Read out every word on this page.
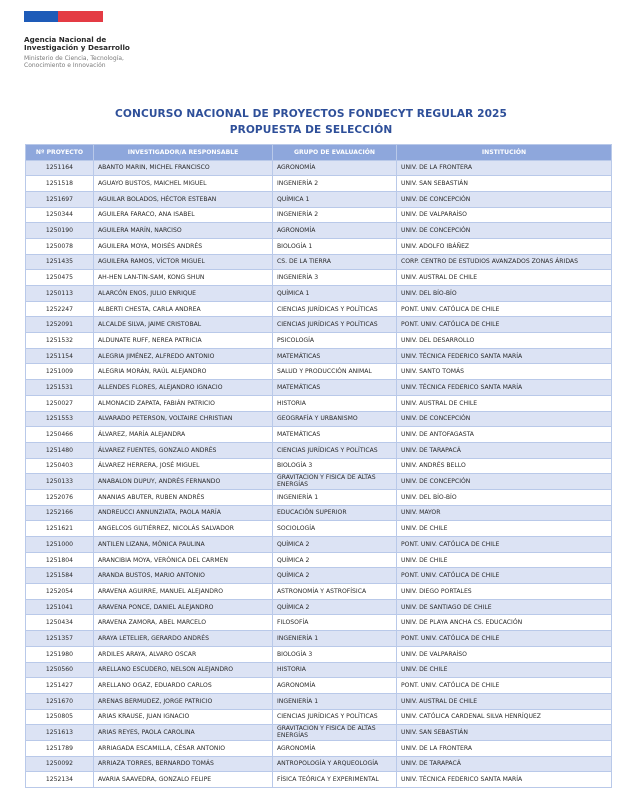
Agencia Nacional de Investigación y Desarrollo
Ministerio de Ciencia, Tecnología, Conocimiento e Innovación
CONCURSO NACIONAL DE PROYECTOS FONDECYT REGULAR 2025
PROPUESTA DE SELECCIÓN
Nº PROYECTO	INVESTIGADOR/A RESPONSABLE	GRUPO DE EVALUACIÓN	INSTITUCIÓN
1251164	ABANTO MARIN, MICHEL FRANCISCO	AGRONOMÍA	UNIV. DE LA FRONTERA
1251518	AGUAYO BUSTOS, MAICHEL MIGUEL	INGENIERÍA 2	UNIV. SAN SEBASTIÁN
1251697	AGUILAR BOLADOS, HÉCTOR ESTEBAN	QUÍMICA 1	UNIV. DE CONCEPCIÓN
1250344	AGUILERA FARACO, ANA ISABEL	INGENIERÍA 2	UNIV. DE VALPARAÍSO
1250190	AGUILERA MARÍN, NARCISO	AGRONOMÍA	UNIV. DE CONCEPCIÓN
1250078	AGUILERA MOYA, MOISÉS ANDRÉS	BIOLOGÍA 1	UNIV. ADOLFO IBÁÑEZ
1251435	AGUILERA RAMOS, VÍCTOR MIGUEL	CS. DE LA TIERRA	CORP. CENTRO DE ESTUDIOS AVANZADOS ZONAS ÁRIDAS
1250475	AH-HEN LAN-TIN-SAM, KONG SHUN	INGENIERÍA 3	UNIV. AUSTRAL DE CHILE
1250113	ALARCÓN ENOS, JULIO ENRIQUE	QUÍMICA 1	UNIV. DEL BÍO-BÍO
1252247	ALBERTI CHESTA, CARLA ANDREA	CIENCIAS JURÍDICAS Y POLÍTICAS	PONT. UNIV. CATÓLICA DE CHILE
1252091	ALCALDE SILVA, JAIME CRISTOBAL	CIENCIAS JURÍDICAS Y POLÍTICAS	PONT. UNIV. CATÓLICA DE CHILE
1251532	ALDUNATE RUFF, NEREA PATRICIA	PSICOLOGÍA	UNIV. DEL DESARROLLO
1251154	ALEGRIA JIMÉNEZ, ALFREDO ANTONIO	MATEMÁTICAS	UNIV. TÉCNICA FEDERICO SANTA MARÍA
1251009	ALEGRIA MORÁN, RAÚL ALEJANDRO	SALUD Y PRODUCCIÓN ANIMAL	UNIV. SANTO TOMÁS
1251531	ALLENDES FLORES, ALEJANDRO IGNACIO	MATEMÁTICAS	UNIV. TÉCNICA FEDERICO SANTA MARÍA
1250027	ALMONACID ZAPATA, FABIÁN PATRICIO	HISTORIA	UNIV. AUSTRAL DE CHILE
1251553	ALVARADO PETERSON, VOLTAIRE CHRISTIAN	GEOGRAFÍA Y URBANISMO	UNIV. DE CONCEPCIÓN
1250466	ÁLVAREZ, MARÍA ALEJANDRA	MATEMÁTICAS	UNIV. DE ANTOFAGASTA
1251480	ÁLVAREZ FUENTES, GONZALO ANDRÉS	CIENCIAS JURÍDICAS Y POLÍTICAS	UNIV. DE TARAPACÁ
1250403	ÁLVAREZ HERRERA, JOSÉ MIGUEL	BIOLOGÍA 3	UNIV. ANDRÉS BELLO
1250133	ANABALON DUPUY, ANDRÉS FERNANDO	GRAVITACION Y FISICA DE ALTAS ENERGÍAS	UNIV. DE CONCEPCIÓN
1252076	ANANIAS ABUTER, RUBEN ANDRÉS	INGENIERÍA 1	UNIV. DEL BÍO-BÍO
1252166	ANDREUCCI ANNUNZIATA, PAOLA MARÍA	EDUCACIÓN SUPERIOR	UNIV. MAYOR
1251621	ANGELCOS GUTIÉRREZ, NICOLÁS SALVADOR	SOCIOLOGÍA	UNIV. DE CHILE
1251000	ANTILEN LIZANA, MÓNICA PAULINA	QUÍMICA 2	PONT. UNIV. CATÓLICA DE CHILE
1251804	ARANCIBIA MOYA, VERÓNICA DEL CARMEN	QUÍMICA 2	UNIV. DE CHILE
1251584	ARANDA BUSTOS, MARIO ANTONIO	QUÍMICA 2	PONT. UNIV. CATÓLICA DE CHILE
1252054	ARAVENA AGUIRRE, MANUEL ALEJANDRO	ASTRONOMÍA Y ASTROFÍSICA	UNIV. DIEGO PORTALES
1251041	ARAVENA PONCE, DANIEL ALEJANDRO	QUÍMICA 2	UNIV. DE SANTIAGO DE CHILE
1250434	ARAVENA ZAMORA, ABEL MARCELO	FILOSOFÍA	UNIV. DE PLAYA ANCHA CS. EDUCACIÓN
1251357	ARAYA LETELIER, GERARDO ANDRÉS	INGENIERÍA 1	PONT. UNIV. CATÓLICA DE CHILE
1251980	ARDILES ARAYA, ALVARO OSCAR	BIOLOGÍA 3	UNIV. DE VALPARAÍSO
1250560	ARELLANO ESCUDERO, NELSON ALEJANDRO	HISTORIA	UNIV. DE CHILE
1251427	ARELLANO OGAZ, EDUARDO CARLOS	AGRONOMÍA	PONT. UNIV. CATÓLICA DE CHILE
1251670	ARENAS BERMUDEZ, JORGE PATRICIO	INGENIERÍA 1	UNIV. AUSTRAL DE CHILE
1250805	ARIAS KRAUSE, JUAN IGNACIO	CIENCIAS JURÍDICAS Y POLÍTICAS	UNIV. CATÓLICA CARDENAL SILVA HENRÍQUEZ
1251613	ARIAS REYES, PAOLA CAROLINA	GRAVITACION Y FISICA DE ALTAS ENERGÍAS	UNIV. SAN SEBASTIÁN
1251789	ARRIAGADA ESCAMILLA, CÉSAR ANTONIO	AGRONOMÍA	UNIV. DE LA FRONTERA
1250092	ARRIAZA TORRES, BERNARDO TOMÁS	ANTROPOLOGÍA Y ARQUEOLOGÍA	UNIV. DE TARAPACÁ
1252134	AVARIA SAAVEDRA, GONZALO FELIPE	FÍSICA TEÓRICA Y EXPERIMENTAL	UNIV. TÉCNICA FEDERICO SANTA MARÍA
